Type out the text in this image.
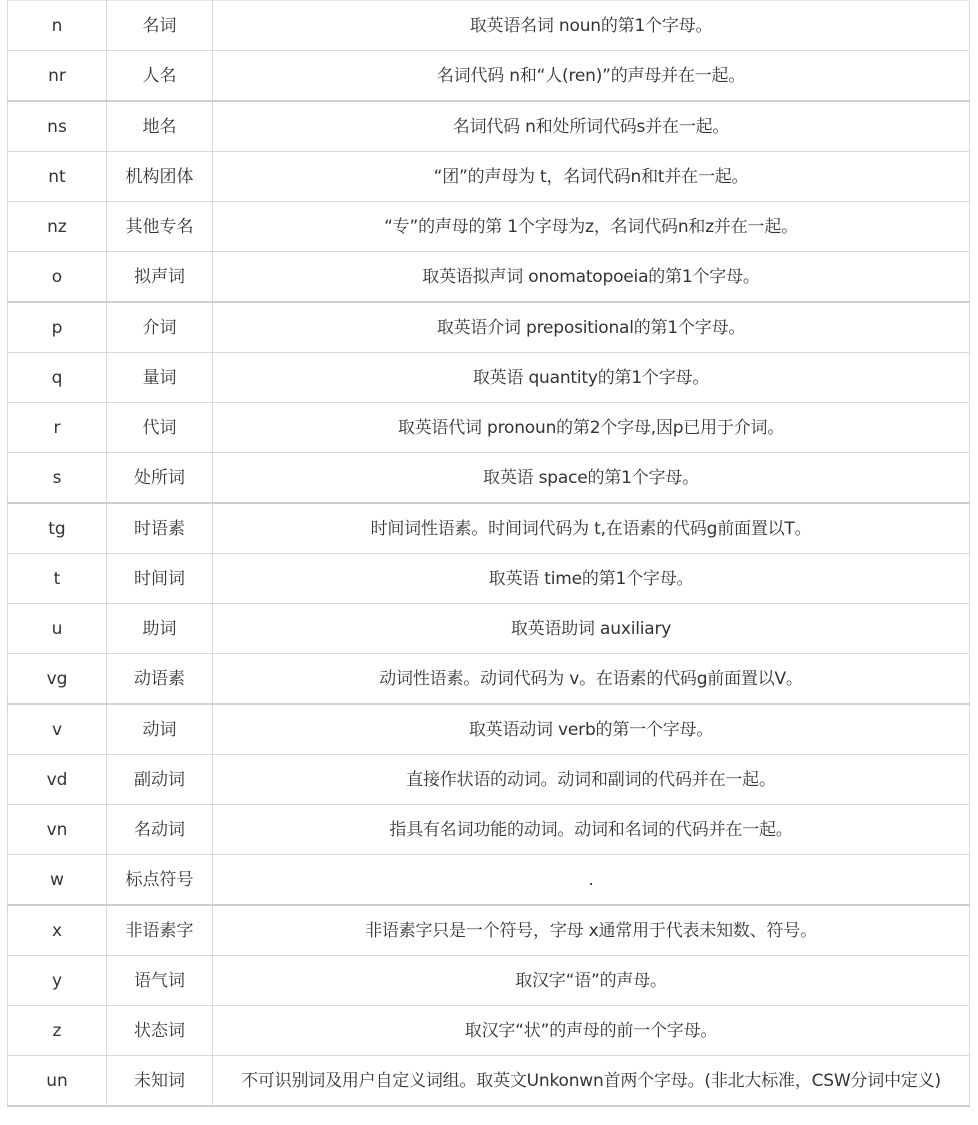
n	名词	取英语名词 noun的第1个字母。
nr	人名	名词代码 n和“人(ren)”的声母并在一起。
ns	地名	名词代码 n和处所词代码s并在一起。
nt	机构团体	“团”的声母为 t，名词代码n和t并在一起。
nz	其他专名	“专”的声母的第 1个字母为z，名词代码n和z并在一起。
o	拟声词	取英语拟声词 onomatopoeia的第1个字母。
p	介词	取英语介词 prepositional的第1个字母。
q	量词	取英语 quantity的第1个字母。
r	代词	取英语代词 pronoun的第2个字母,因p已用于介词。
s	处所词	取英语 space的第1个字母。
tg	时语素	时间词性语素。时间词代码为 t,在语素的代码g前面置以T。
t	时间词	取英语 time的第1个字母。
u	助词	取英语助词 auxiliary
vg	动语素	动词性语素。动词代码为 v。在语素的代码g前面置以V。
v	动词	取英语动词 verb的第一个字母。
vd	副动词	直接作状语的动词。动词和副词的代码并在一起。
vn	名动词	指具有名词功能的动词。动词和名词的代码并在一起。
w	标点符号	.
x	非语素字	非语素字只是一个符号，字母 x通常用于代表未知数、符号。
y	语气词	取汉字“语”的声母。
z	状态词	取汉字“状”的声母的前一个字母。
un	未知词	不可识别词及用户自定义词组。取英文Unkonwn首两个字母。(非北大标准，CSW分词中定义)
